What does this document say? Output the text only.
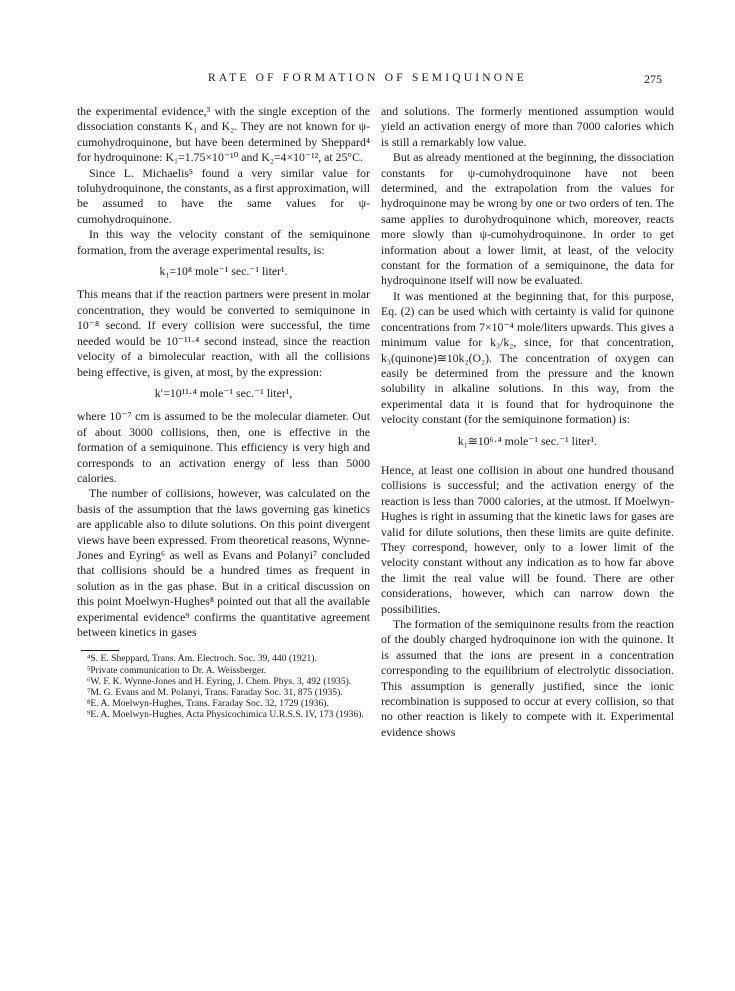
RATE OF FORMATION OF SEMIQUINONE	275

the experimental evidence,³ with the single exception of the dissociation constants K₁ and K₂. They are not known for ψ-cumohydroquinone, but have been determined by Sheppard⁴ for hydroquinone: K₁=1.75×10⁻¹⁰ and K₂=4×10⁻¹², at 25°C.

Since L. Michaelis⁵ found a very similar value for toluhydroquinone, the constants, as a first approximation, will be assumed to have the same values for ψ-cumohydroquinone.

In this way the velocity constant of the semiquinone formation, from the average experimental results, is:

k₁=10⁸ mole⁻¹ sec.⁻¹ liter¹.

This means that if the reaction partners were present in molar concentration, they would be converted to semiquinone in 10⁻⁸ second. If every collision were successful, the time needed would be 10⁻¹¹·⁴ second instead, since the reaction velocity of a bimolecular reaction, with all the collisions being effective, is given, at most, by the expression:

k′=10¹¹·⁴ mole⁻¹ sec.⁻¹ liter¹,

where 10⁻⁷ cm is assumed to be the molecular diameter. Out of about 3000 collisions, then, one is effective in the formation of a semiquinone. This efficiency is very high and corresponds to an activation energy of less than 5000 calories.

The number of collisions, however, was calculated on the basis of the assumption that the laws governing gas kinetics are applicable also to dilute solutions. On this point divergent views have been expressed. From theoretical reasons, Wynne-Jones and Eyring⁶ as well as Evans and Polanyi⁷ concluded that collisions should be a hundred times as frequent in solution as in the gas phase. But in a critical discussion on this point Moelwyn-Hughes⁸ pointed out that all the available experimental evidence⁹ confirms the quantitative agreement between kinetics in gases

⁴S. E. Sheppard, Trans. Am. Electroch. Soc. 39, 440 (1921).
⁵Private communication to Dr. A. Weissberger.
⁶W. F. K. Wynne-Jones and H. Eyring, J. Chem. Phys. 3, 492 (1935).
⁷M. G. Evans and M. Polanyi, Trans. Faraday Soc. 31, 875 (1935).
⁸E. A. Moelwyn-Hughes, Trans. Faraday Soc. 32, 1729 (1936).
⁹E. A. Moelwyn-Hughes, Acta Physicochimica U.R.S.S. IV, 173 (1936).

and solutions. The formerly mentioned assumption would yield an activation energy of more than 7000 calories which is still a remarkably low value.

But as already mentioned at the beginning, the dissociation constants for ψ-cumohydroquinone have not been determined, and the extrapolation from the values for hydroquinone may be wrong by one or two orders of ten. The same applies to durohydroquinone which, moreover, reacts more slowly than ψ-cumohydroquinone. In order to get information about a lower limit, at least, of the velocity constant for the formation of a semiquinone, the data for hydroquinone itself will now be evaluated.

It was mentioned at the beginning that, for this purpose, Eq. (2) can be used which with certainty is valid for quinone concentrations from 7×10⁻⁴ mole/liters upwards. This gives a minimum value for k₃/k₂, since, for that concentration, k₃(quinone)≅10k₂(O₂). The concentration of oxygen can easily be determined from the pressure and the known solubility in alkaline solutions. In this way, from the experimental data it is found that for hydroquinone the velocity constant (for the semiquinone formation) is:

k₁≅10⁶·⁴ mole⁻¹ sec.⁻¹ liter¹.

Hence, at least one collision in about one hundred thousand collisions is successful; and the activation energy of the reaction is less than 7000 calories, at the utmost. If Moelwyn-Hughes is right in assuming that the kinetic laws for gases are valid for dilute solutions, then these limits are quite definite. They correspond, however, only to a lower limit of the velocity constant without any indication as to how far above the limit the real value will be found. There are other considerations, however, which can narrow down the possibilities.

The formation of the semiquinone results from the reaction of the doubly charged hydroquinone ion with the quinone. It is assumed that the ions are present in a concentration corresponding to the equilibrium of electrolytic dissociation. This assumption is generally justified, since the ionic recombination is supposed to occur at every collision, so that no other reaction is likely to compete with it. Experimental evidence shows
